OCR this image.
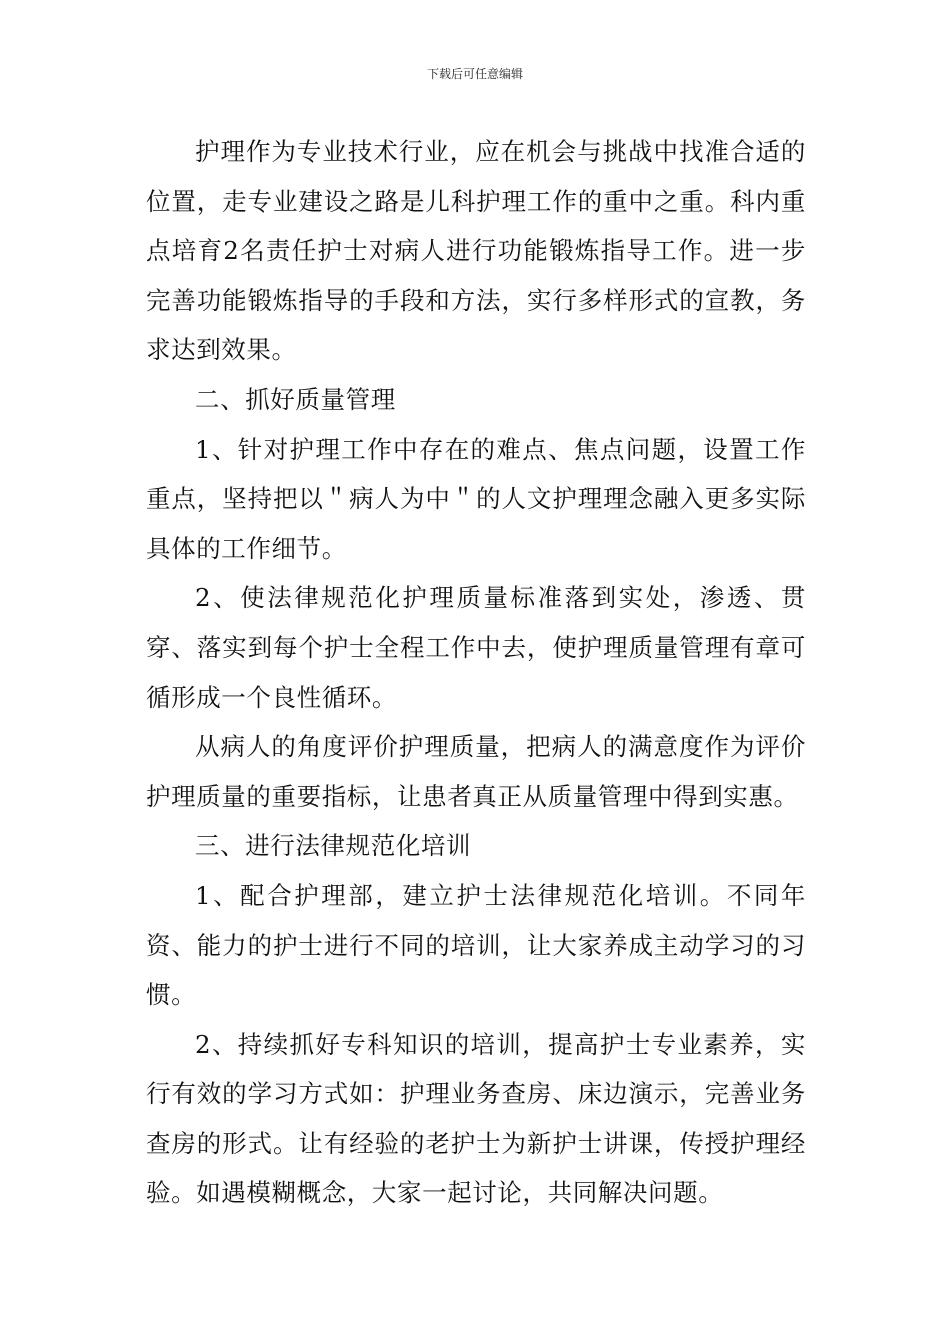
下载后可任意编辑

护理作为专业技术行业，应在机会与挑战中找准合适的位置，走专业建设之路是儿科护理工作的重中之重。科内重点培育2名责任护士对病人进行功能锻炼指导工作。进一步完善功能锻炼指导的手段和方法，实行多样形式的宣教，务求达到效果。

二、抓好质量管理

1、针对护理工作中存在的难点、焦点问题，设置工作重点，坚持把以＂病人为中＂的人文护理理念融入更多实际具体的工作细节。

2、使法律规范化护理质量标准落到实处，渗透、贯穿、落实到每个护士全程工作中去，使护理质量管理有章可循形成一个良性循环。

从病人的角度评价护理质量，把病人的满意度作为评价护理质量的重要指标，让患者真正从质量管理中得到实惠。

三、进行法律规范化培训

1、配合护理部，建立护士法律规范化培训。不同年资、能力的护士进行不同的培训，让大家养成主动学习的习惯。

2、持续抓好专科知识的培训，提高护士专业素养，实行有效的学习方式如：护理业务查房、床边演示，完善业务查房的形式。让有经验的老护士为新护士讲课，传授护理经验。如遇模糊概念，大家一起讨论，共同解决问题。
